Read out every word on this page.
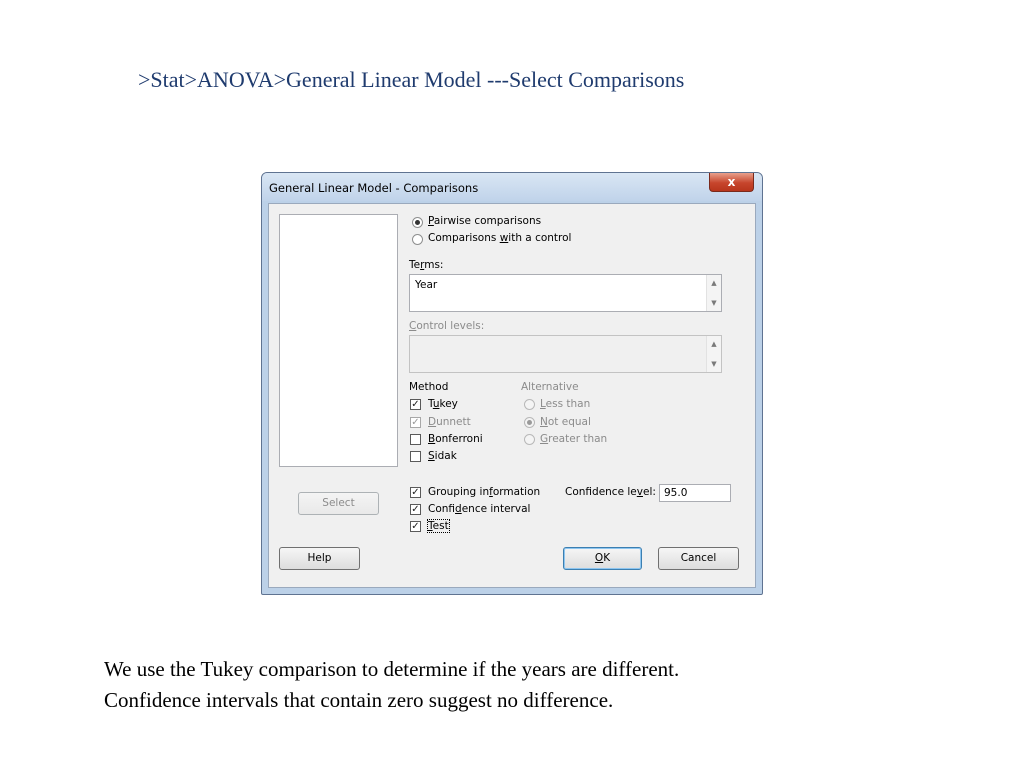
>Stat>ANOVA>General Linear Model ---Select Comparisons
General Linear Model - Comparisons	x
Select
Pairwise comparisons
Comparisons with a control
Terms:
Year	▲
▼
Control levels:
▲
▼
Method
✓ Tukey
✓ Dunnett
Bonferroni
Sidak
Alternative
Less than
Not equal
Greater than
✓ Grouping information
✓ Confidence interval
✓ Test
Confidence level: 95.0
Help	OK	Cancel
We use the Tukey comparison to determine if the years are different.
Confidence intervals that contain zero suggest no difference.
